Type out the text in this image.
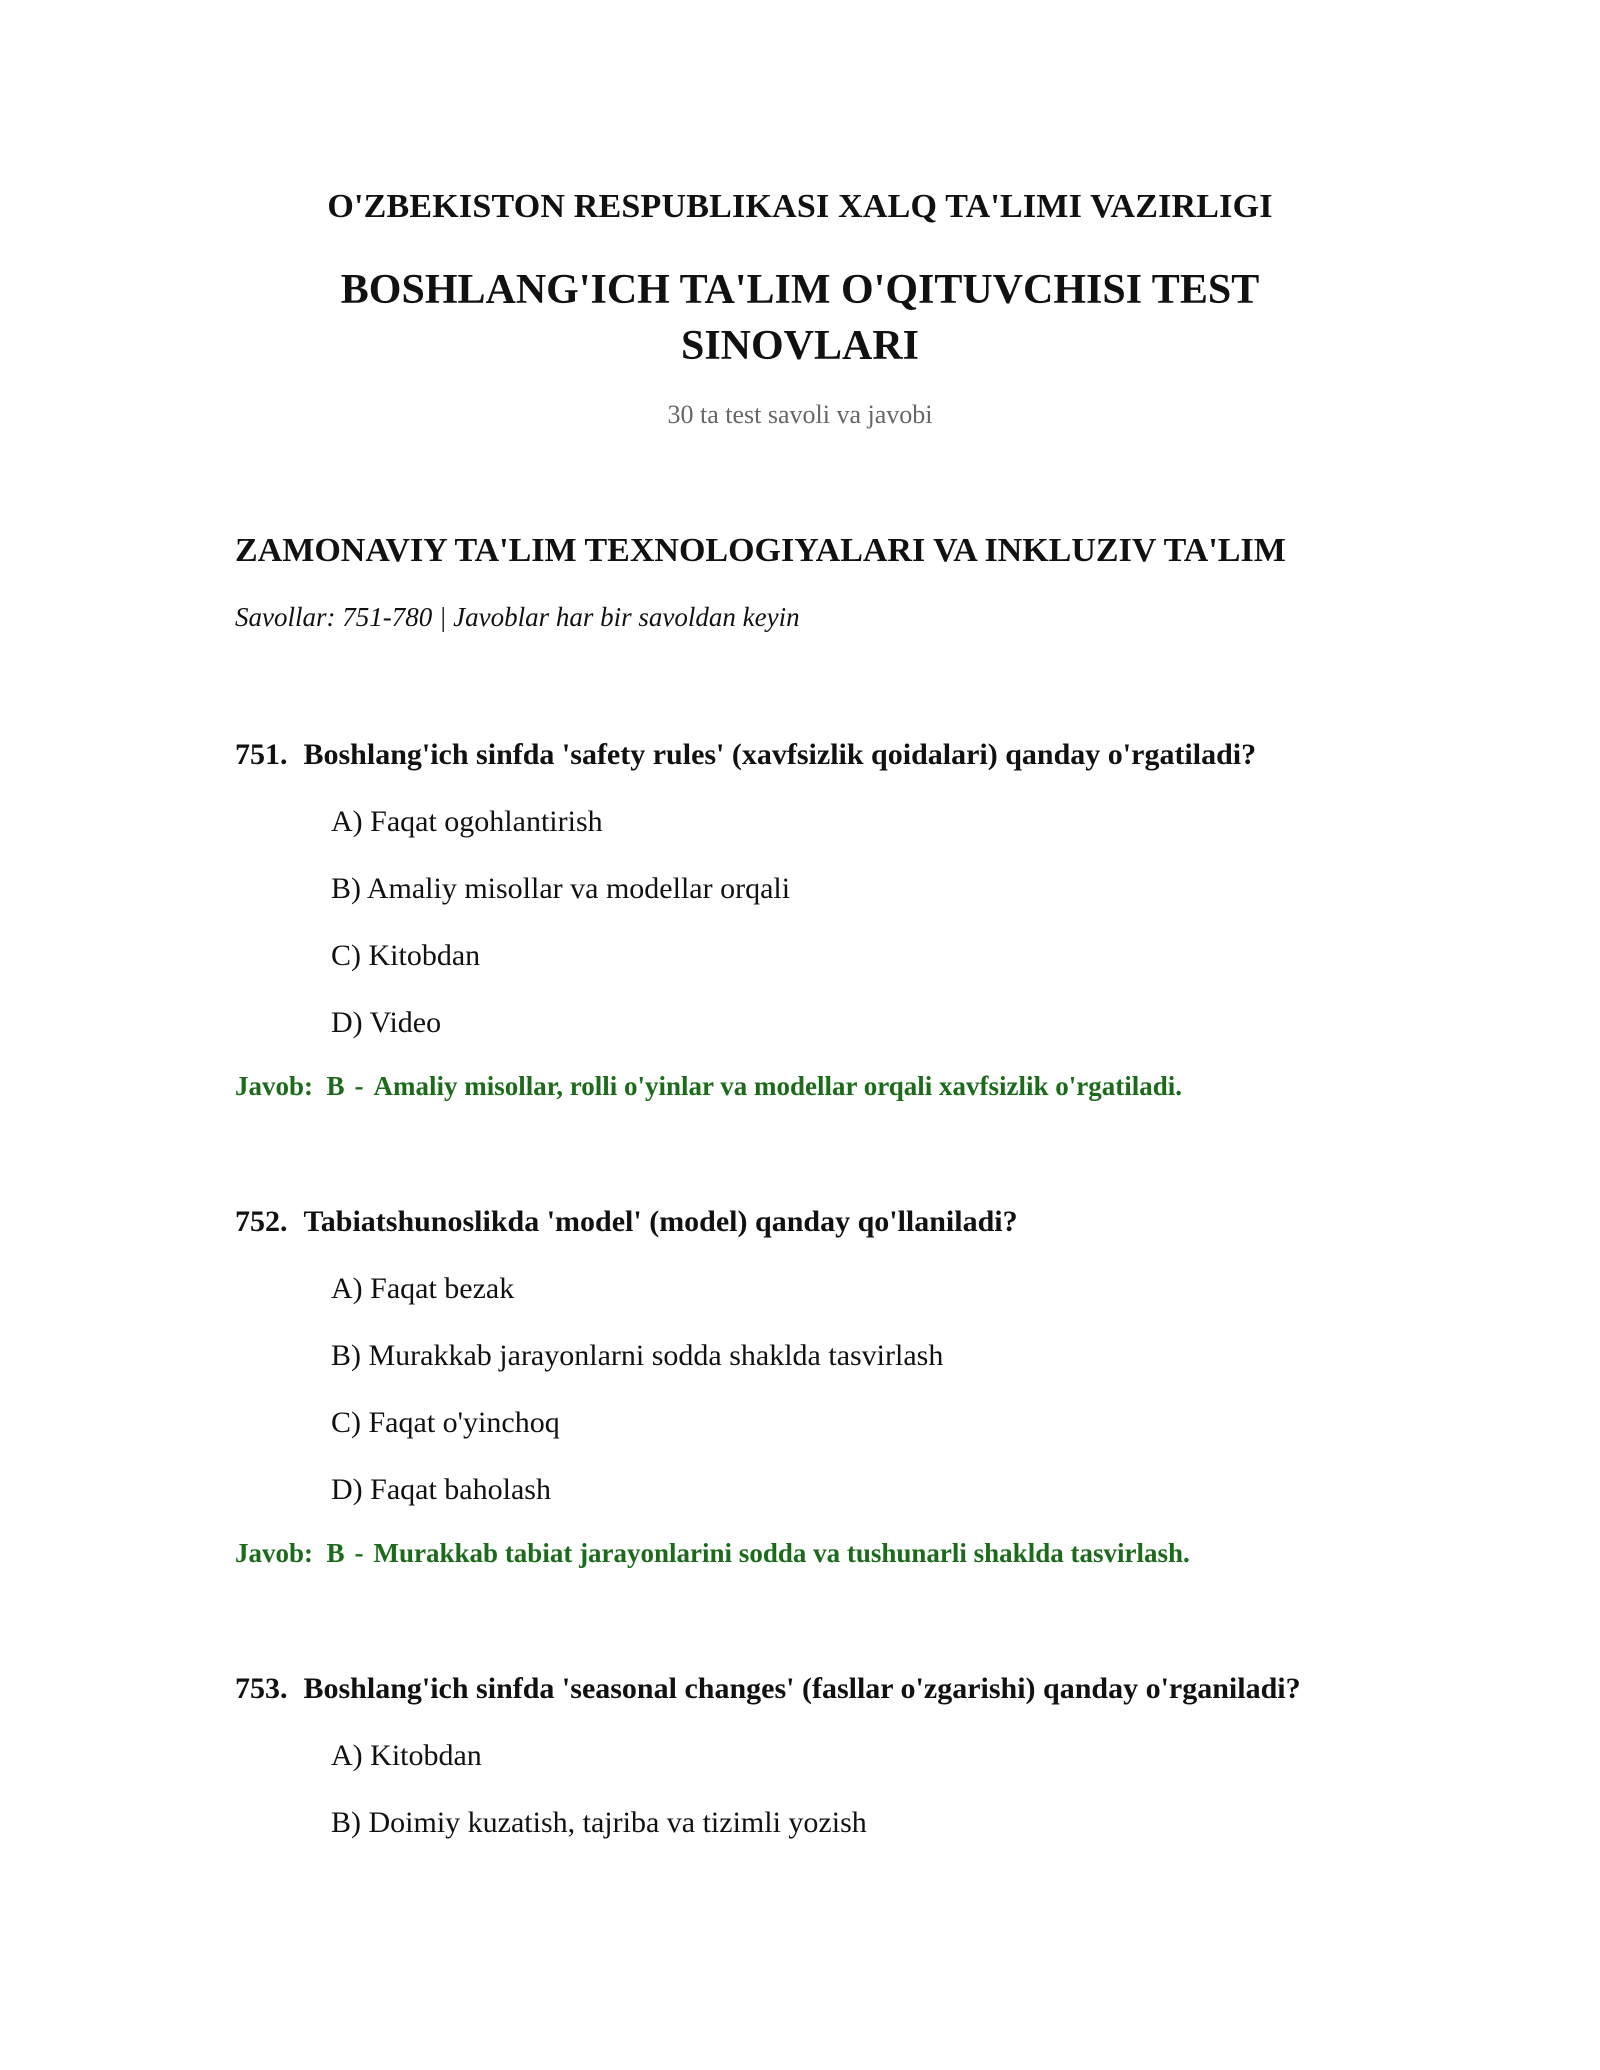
O'ZBEKISTON RESPUBLIKASI XALQ TA'LIMI VAZIRLIGI
BOSHLANG'ICH TA'LIM O'QITUVCHISI TEST
SINOVLARI
30 ta test savoli va javobi
ZAMONAVIY TA'LIM TEXNOLOGIYALARI VA INKLUZIV TA'LIM
Savollar: 751-780 | Javoblar har bir savoldan keyin
751. Boshlang'ich sinfda 'safety rules' (xavfsizlik qoidalari) qanday o'rgatiladi?
A) Faqat ogohlantirish
B) Amaliy misollar va modellar orqali
C) Kitobdan
D) Video
Javob: B - Amaliy misollar, rolli o'yinlar va modellar orqali xavfsizlik o'rgatiladi.
752. Tabiatshunoslikda 'model' (model) qanday qo'llaniladi?
A) Faqat bezak
B) Murakkab jarayonlarni sodda shaklda tasvirlash
C) Faqat o'yinchoq
D) Faqat baholash
Javob: B - Murakkab tabiat jarayonlarini sodda va tushunarli shaklda tasvirlash.
753. Boshlang'ich sinfda 'seasonal changes' (fasllar o'zgarishi) qanday o'rganiladi?
A) Kitobdan
B) Doimiy kuzatish, tajriba va tizimli yozish
